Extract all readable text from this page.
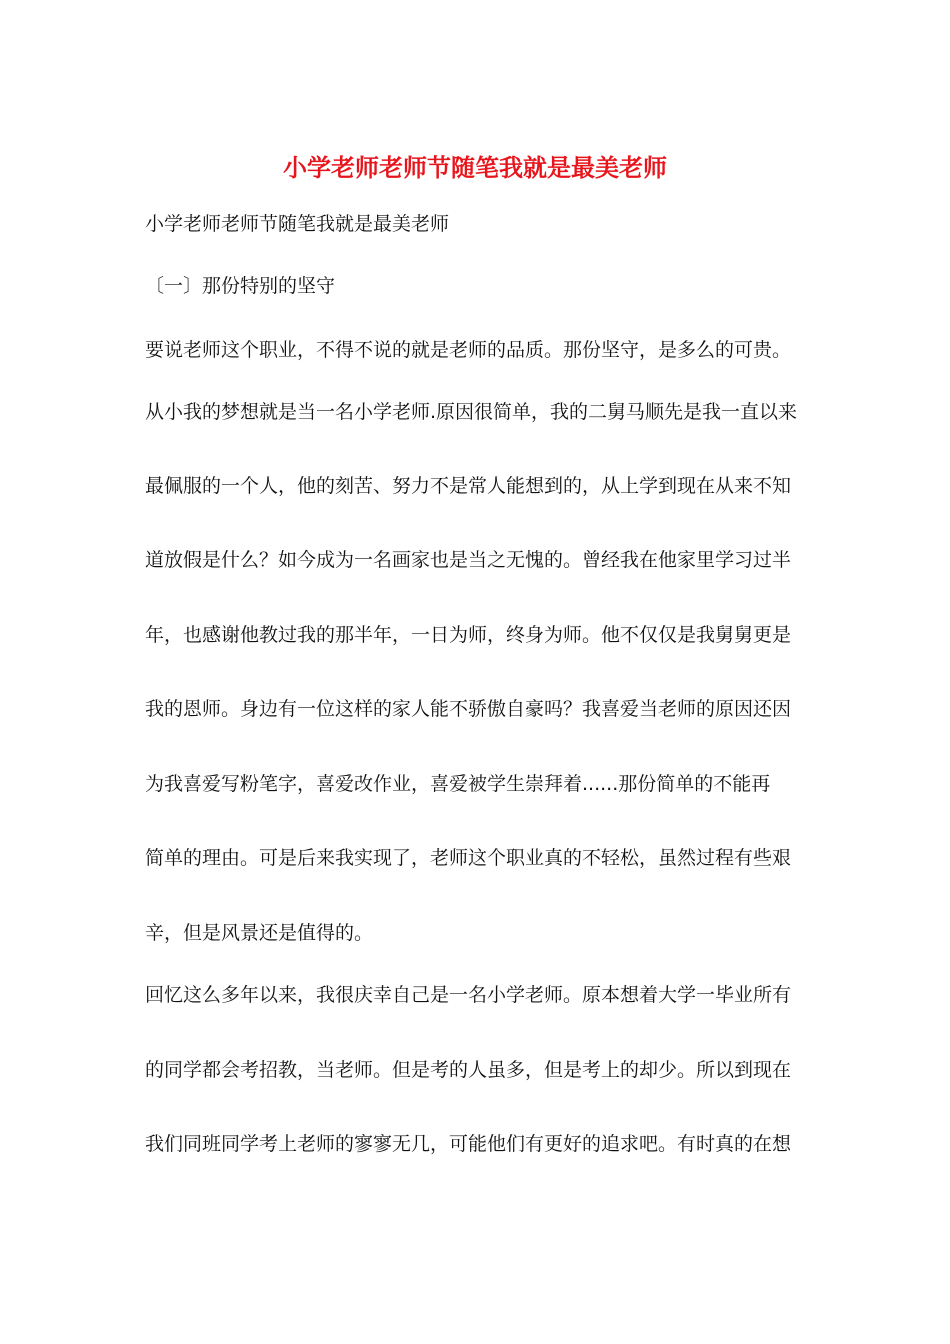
小学老师老师节随笔我就是最美老师
小学老师老师节随笔我就是最美老师
〔一〕那份特别的坚守
要说老师这个职业，不得不说的就是老师的品质。那份坚守，是多么的可贵。
从小我的梦想就是当一名小学老师.原因很简单，我的二舅马顺先是我一直以来
最佩服的一个人，他的刻苦、努力不是常人能想到的，从上学到现在从来不知
道放假是什么？如今成为一名画家也是当之无愧的。曾经我在他家里学习过半
年，也感谢他教过我的那半年，一日为师，终身为师。他不仅仅是我舅舅更是
我的恩师。身边有一位这样的家人能不骄傲自豪吗？我喜爱当老师的原因还因
为我喜爱写粉笔字，喜爱改作业，喜爱被学生崇拜着......那份简单的不能再
简单的理由。可是后来我实现了，老师这个职业真的不轻松，虽然过程有些艰
辛，但是风景还是值得的。
回忆这么多年以来，我很庆幸自己是一名小学老师。原本想着大学一毕业所有
的同学都会考招教，当老师。但是考的人虽多，但是考上的却少。所以到现在
我们同班同学考上老师的寥寥无几，可能他们有更好的追求吧。有时真的在想
